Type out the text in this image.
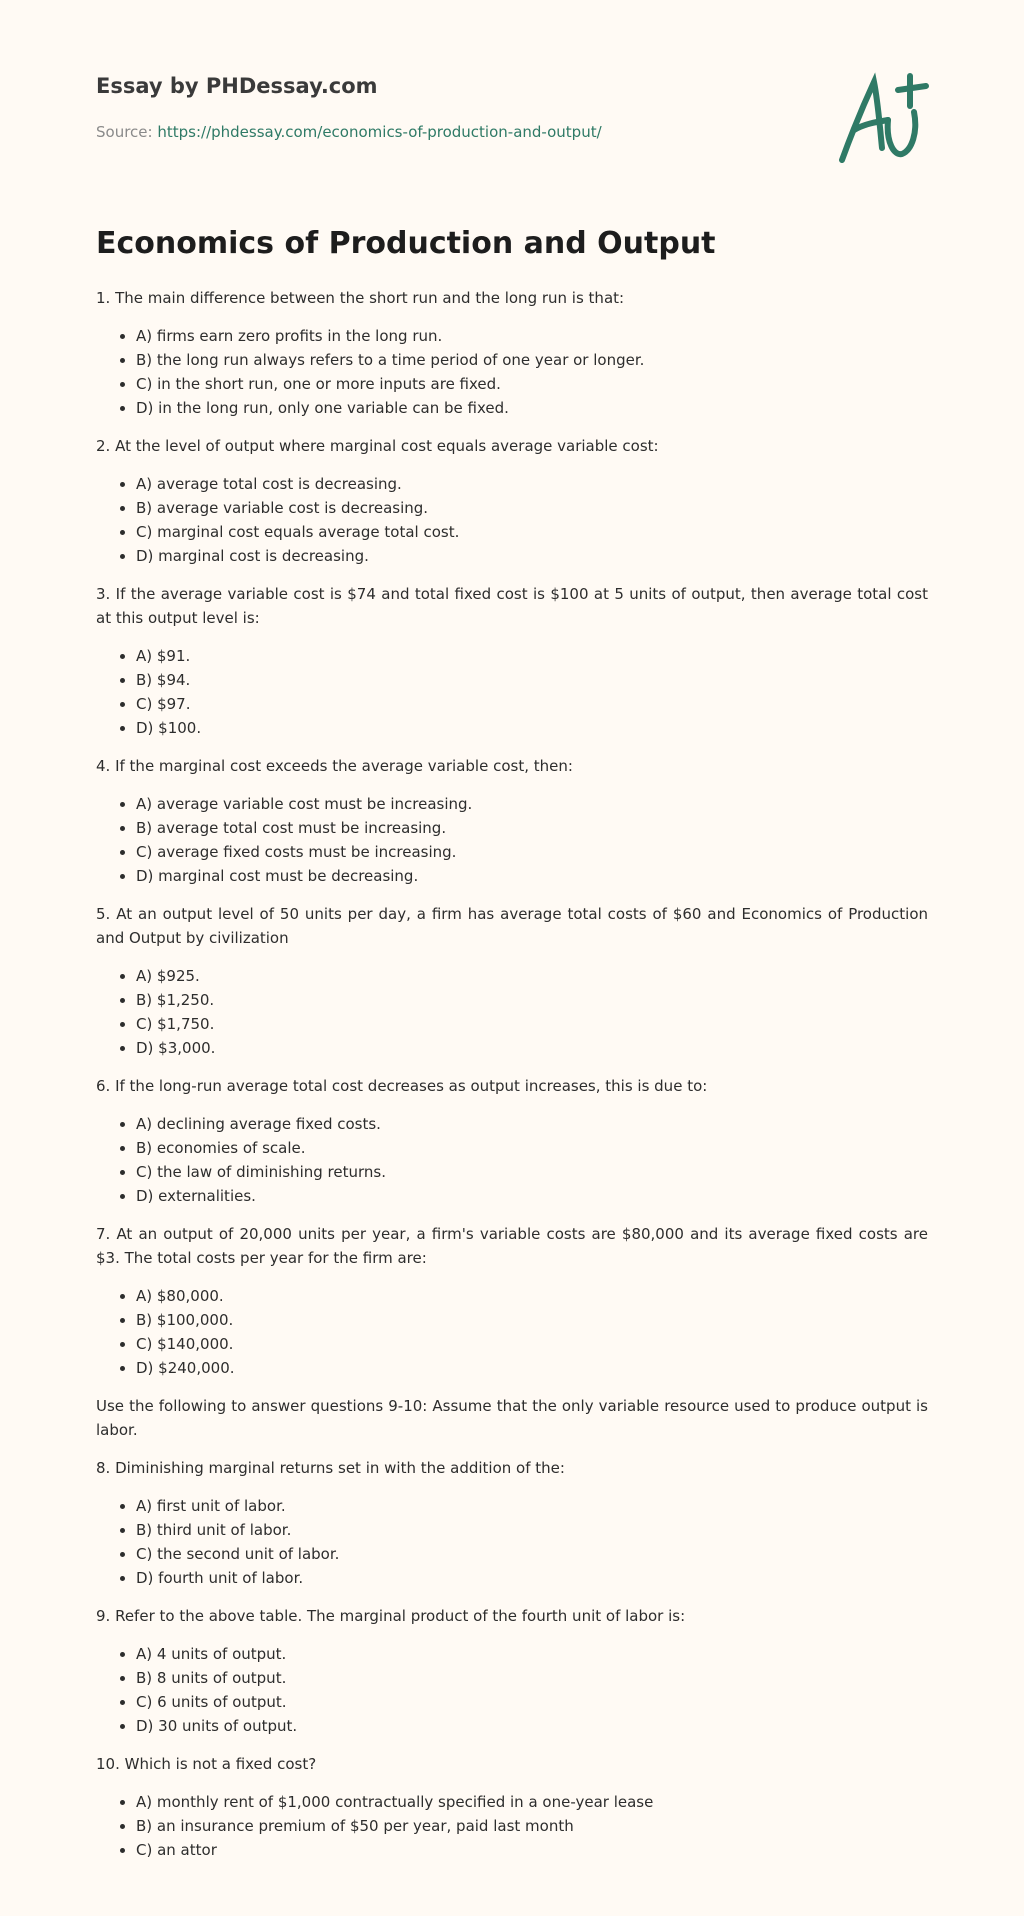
Essay by PHDessay.com
Source: https://phdessay.com/economics-of-production-and-output/
Economics of Production and Output

1. The main difference between the short run and the long run is that:

• A) firms earn zero profits in the long run.
• B) the long run always refers to a time period of one year or longer.
• C) in the short run, one or more inputs are fixed.
• D) in the long run, only one variable can be fixed.

2. At the level of output where marginal cost equals average variable cost:

• A) average total cost is decreasing.
• B) average variable cost is decreasing.
• C) marginal cost equals average total cost.
• D) marginal cost is decreasing.

3. If the average variable cost is $74 and total fixed cost is $100 at 5 units of output, then average total cost at this output level is:

• A) $91.
• B) $94.
• C) $97.
• D) $100.

4. If the marginal cost exceeds the average variable cost, then:

• A) average variable cost must be increasing.
• B) average total cost must be increasing.
• C) average fixed costs must be increasing.
• D) marginal cost must be decreasing.

5. At an output level of 50 units per day, a firm has average total costs of $60 and Economics of Production and Output by civilization

• A) $925.
• B) $1,250.
• C) $1,750.
• D) $3,000.

6. If the long-run average total cost decreases as output increases, this is due to:

• A) declining average fixed costs.
• B) economies of scale.
• C) the law of diminishing returns.
• D) externalities.

7. At an output of 20,000 units per year, a firm's variable costs are $80,000 and its average fixed costs are $3. The total costs per year for the firm are:

• A) $80,000.
• B) $100,000.
• C) $140,000.
• D) $240,000.

Use the following to answer questions 9-10: Assume that the only variable resource used to produce output is labor.

8. Diminishing marginal returns set in with the addition of the:

• A) first unit of labor.
• B) third unit of labor.
• C) the second unit of labor.
• D) fourth unit of labor.

9. Refer to the above table. The marginal product of the fourth unit of labor is:

• A) 4 units of output.
• B) 8 units of output.
• C) 6 units of output.
• D) 30 units of output.

10. Which is not a fixed cost?

• A) monthly rent of $1,000 contractually specified in a one-year lease
• B) an insurance premium of $50 per year, paid last month
• C) an attor
